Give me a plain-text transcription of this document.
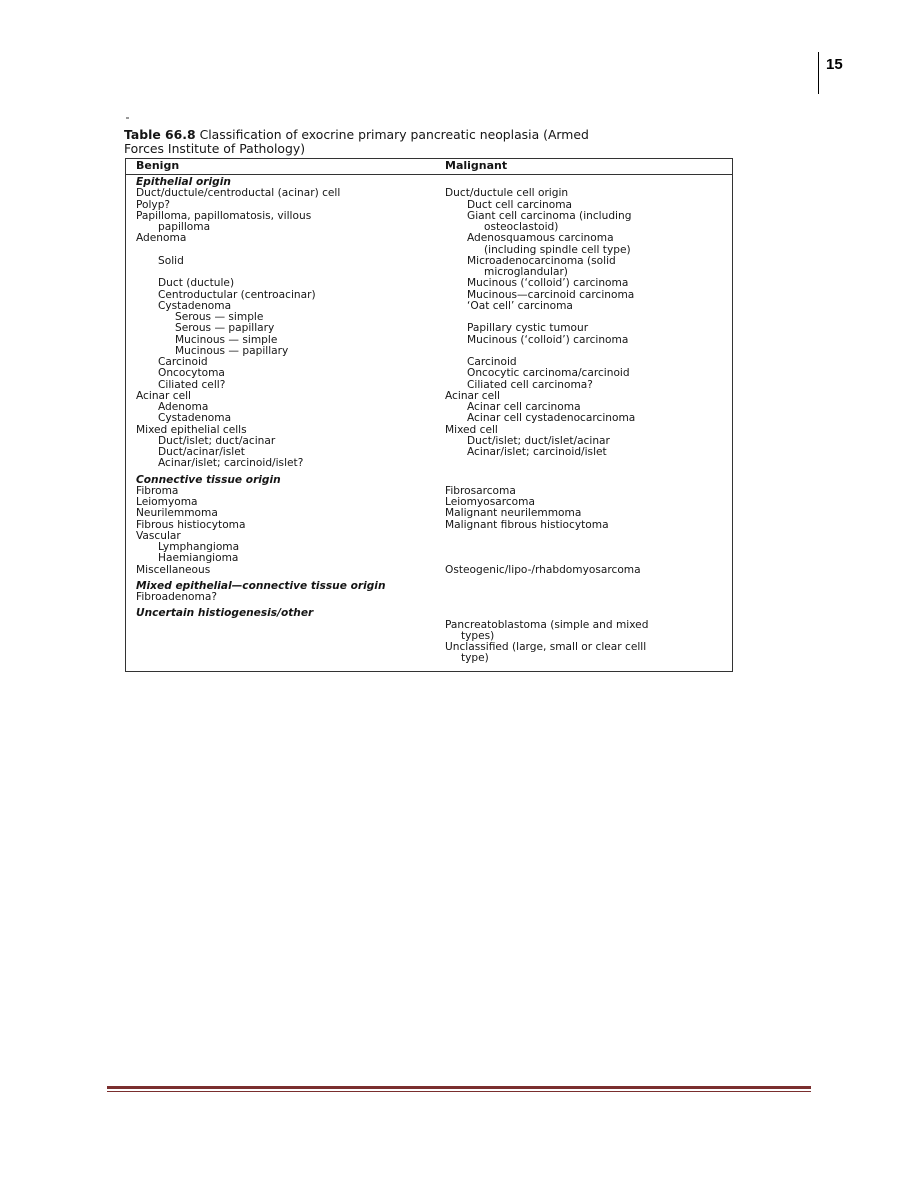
15
Table 66.8 Classification of exocrine primary pancreatic neoplasia (Armed
Forces Institute of Pathology)
Benign	Malignant
Epithelial origin
Duct/ductule/centroductal (acinar) cell
Polyp?
Papilloma, papillomatosis, villous
papilloma
Adenoma
Solid
Duct (ductule)
Centroductular (centroacinar)
Cystadenoma
Serous — simple
Serous — papillary
Mucinous — simple
Mucinous — papillary
Carcinoid
Oncocytoma
Ciliated cell?
Acinar cell
Adenoma
Cystadenoma
Mixed epithelial cells
Duct/islet; duct/acinar
Duct/acinar/islet
Acinar/islet; carcinoid/islet?
Connective tissue origin
Fibroma
Leiomyoma
Neurilemmoma
Fibrous histiocytoma
Vascular
Lymphangioma
Haemiangioma
Miscellaneous
Mixed epithelial—connective tissue origin
Fibroadenoma?
Uncertain histiogenesis/other
Duct/ductule cell origin
Duct cell carcinoma
Giant cell carcinoma (including
osteoclastoid)
Adenosquamous carcinoma
(including spindle cell type)
Microadenocarcinoma (solid
microglandular)
Mucinous (‘colloid’) carcinoma
Mucinous—carcinoid carcinoma
‘Oat cell’ carcinoma
Papillary cystic tumour
Mucinous (‘colloid’) carcinoma
Carcinoid
Oncocytic carcinoma/carcinoid
Ciliated cell carcinoma?
Acinar cell
Acinar cell carcinoma
Acinar cell cystadenocarcinoma
Mixed cell
Duct/islet; duct/islet/acinar
Acinar/islet; carcinoid/islet
Fibrosarcoma
Leiomyosarcoma
Malignant neurilemmoma
Malignant fibrous histiocytoma
Osteogenic/lipo-/rhabdomyosarcoma
Pancreatoblastoma (simple and mixed
types)
Unclassified (large, small or clear celll
type)
